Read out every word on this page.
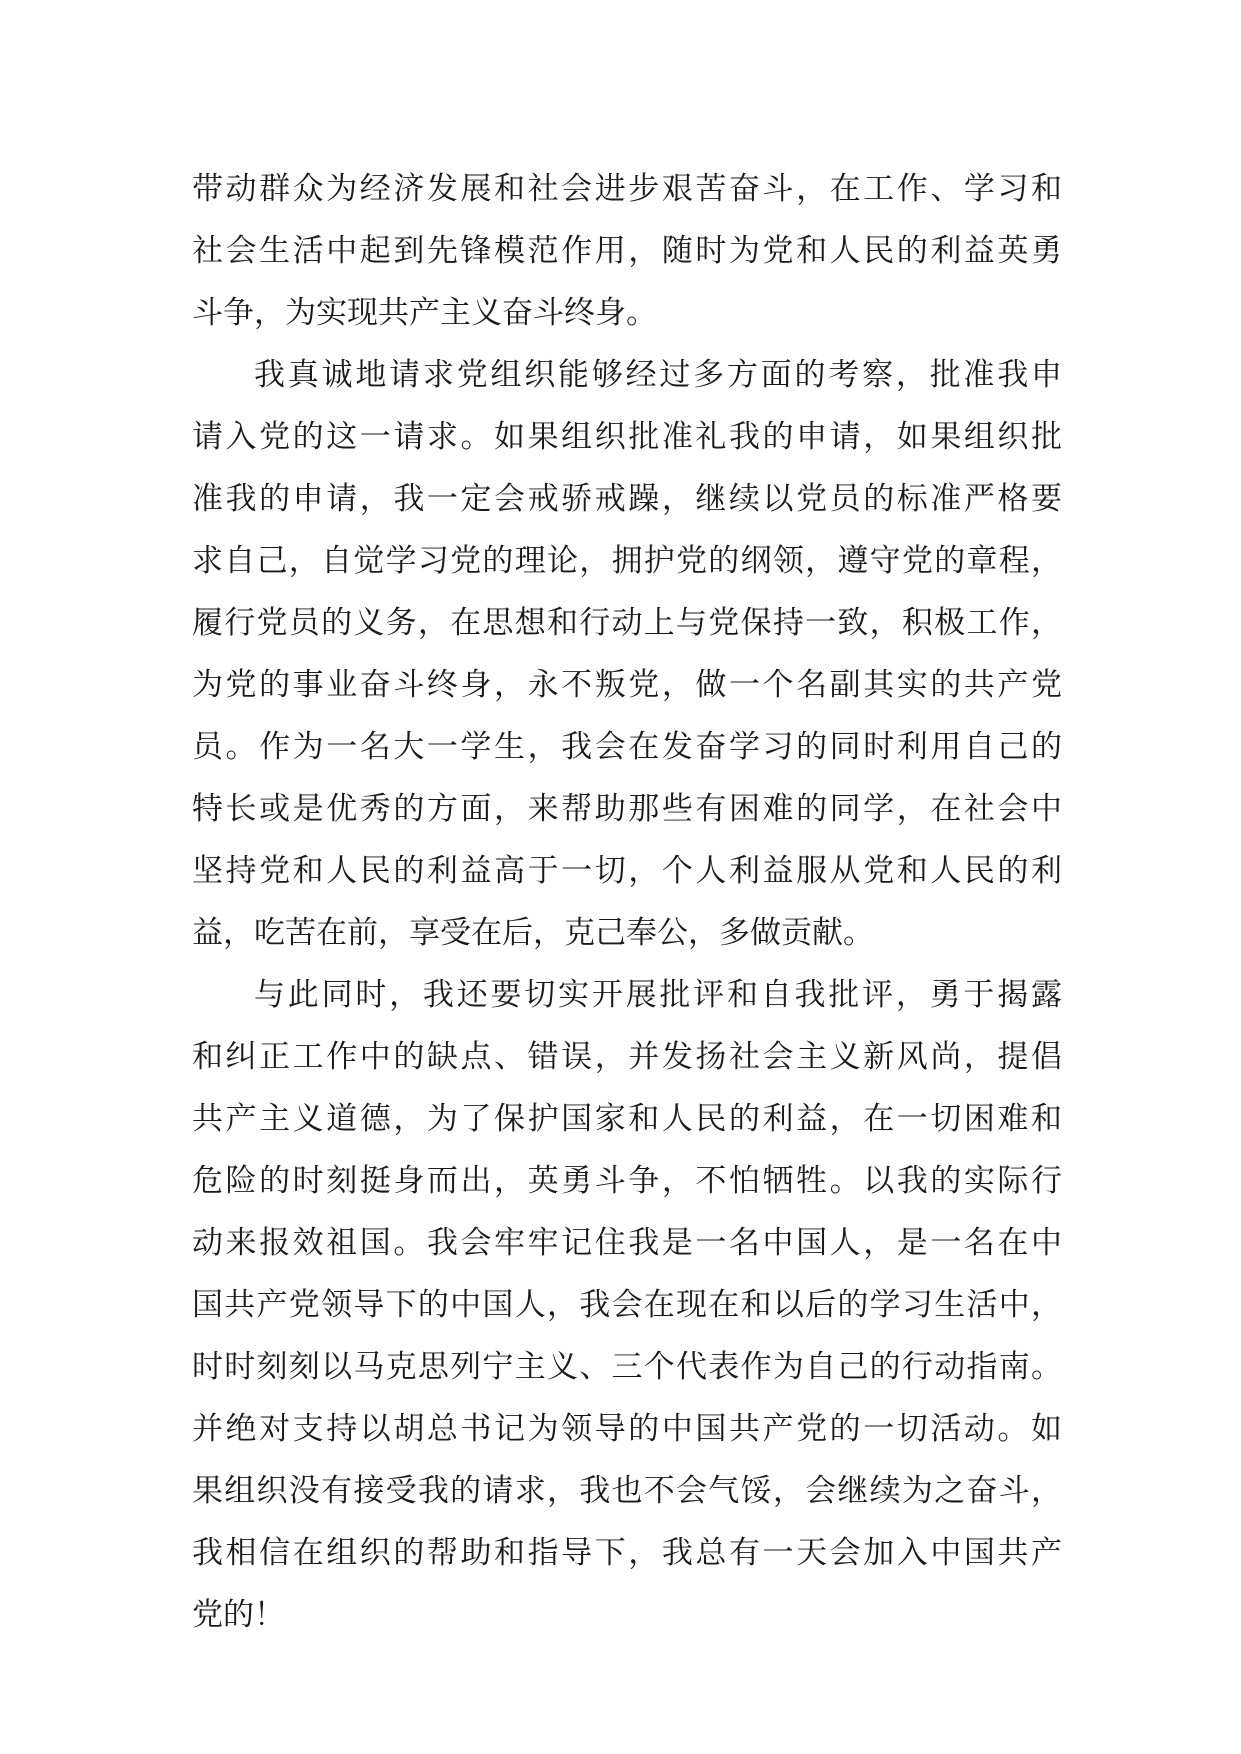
带动群众为经济发展和社会进步艰苦奋斗，在工作、学习和
社会生活中起到先锋模范作用，随时为党和人民的利益英勇
斗争，为实现共产主义奋斗终身。
我真诚地请求党组织能够经过多方面的考察，批准我申
请入党的这一请求。如果组织批准礼我的申请，如果组织批
准我的申请，我一定会戒骄戒躁，继续以党员的标准严格要
求自己，自觉学习党的理论，拥护党的纲领，遵守党的章程，
履行党员的义务，在思想和行动上与党保持一致，积极工作，
为党的事业奋斗终身，永不叛党，做一个名副其实的共产党
员。作为一名大一学生，我会在发奋学习的同时利用自己的
特长或是优秀的方面，来帮助那些有困难的同学，在社会中
坚持党和人民的利益高于一切，个人利益服从党和人民的利
益，吃苦在前，享受在后，克己奉公，多做贡献。
与此同时，我还要切实开展批评和自我批评，勇于揭露
和纠正工作中的缺点、错误，并发扬社会主义新风尚，提倡
共产主义道德，为了保护国家和人民的利益，在一切困难和
危险的时刻挺身而出，英勇斗争，不怕牺牲。以我的实际行
动来报效祖国。我会牢牢记住我是一名中国人，是一名在中
国共产党领导下的中国人，我会在现在和以后的学习生活中，
时时刻刻以马克思列宁主义、三个代表作为自己的行动指南。
并绝对支持以胡总书记为领导的中国共产党的一切活动。如
果组织没有接受我的请求，我也不会气馁，会继续为之奋斗，
我相信在组织的帮助和指导下，我总有一天会加入中国共产
党的！
